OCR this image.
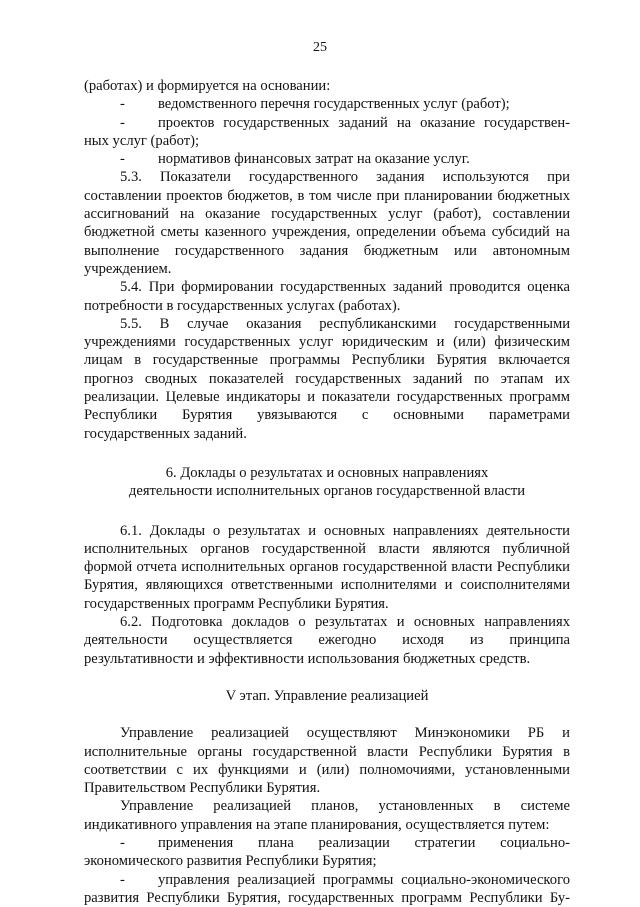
25

(работах) и формируется на основании:

- ведомственного перечня государственных услуг (работ);

- проектов государственных заданий на оказание государствен-

ных услуг (работ);

- нормативов финансовых затрат на оказание услуг.

5.3. Показатели государственного задания используются при составлении проектов бюджетов, в том числе при планировании бюджетных ассигнований на оказание государственных услуг (работ), составлении бюджетной сметы казенного учреждения, определении объема субсидий на выполнение государственного задания бюджетным или автономным учреждением.

5.4. При формировании государственных заданий проводится оценка потребности в государственных услугах (работах).

5.5. В случае оказания республиканскими государственными учреждениями государственных услуг юридическим и (или) физическим лицам в государственные программы Республики Бурятия включается прогноз сводных показателей государственных заданий по этапам их реализации. Целевые индикаторы и показатели государственных программ Республики Бурятия увязываются с основными параметрами государственных заданий.

6. Доклады о результатах и основных направлениях

деятельности исполнительных органов государственной власти

6.1. Доклады о результатах и основных направлениях деятельности исполнительных органов государственной власти являются публичной формой отчета исполнительных органов государственной власти Республики Бурятия, являющихся ответственными исполнителями и соисполнителями государственных программ Республики Бурятия.

6.2. Подготовка докладов о результатах и основных направлениях деятельности осуществляется ежегодно исходя из принципа результативности и эффективности использования бюджетных средств.

V этап. Управление реализацией

Управление реализацией осуществляют Минэкономики РБ и исполнительные органы государственной власти Республики Бурятия в соответствии с их функциями и (или) полномочиями, установленными Правительством Республики Бурятия.

Управление реализацией планов, установленных в системе индикативного управления на этапе планирования, осуществляется путем:

- применения плана реализации стратегии социально-экономического развития Республики Бурятия;

- управления реализацией программы социально-экономического развития Республики Бурятия, государственных программ Республики Бу-
